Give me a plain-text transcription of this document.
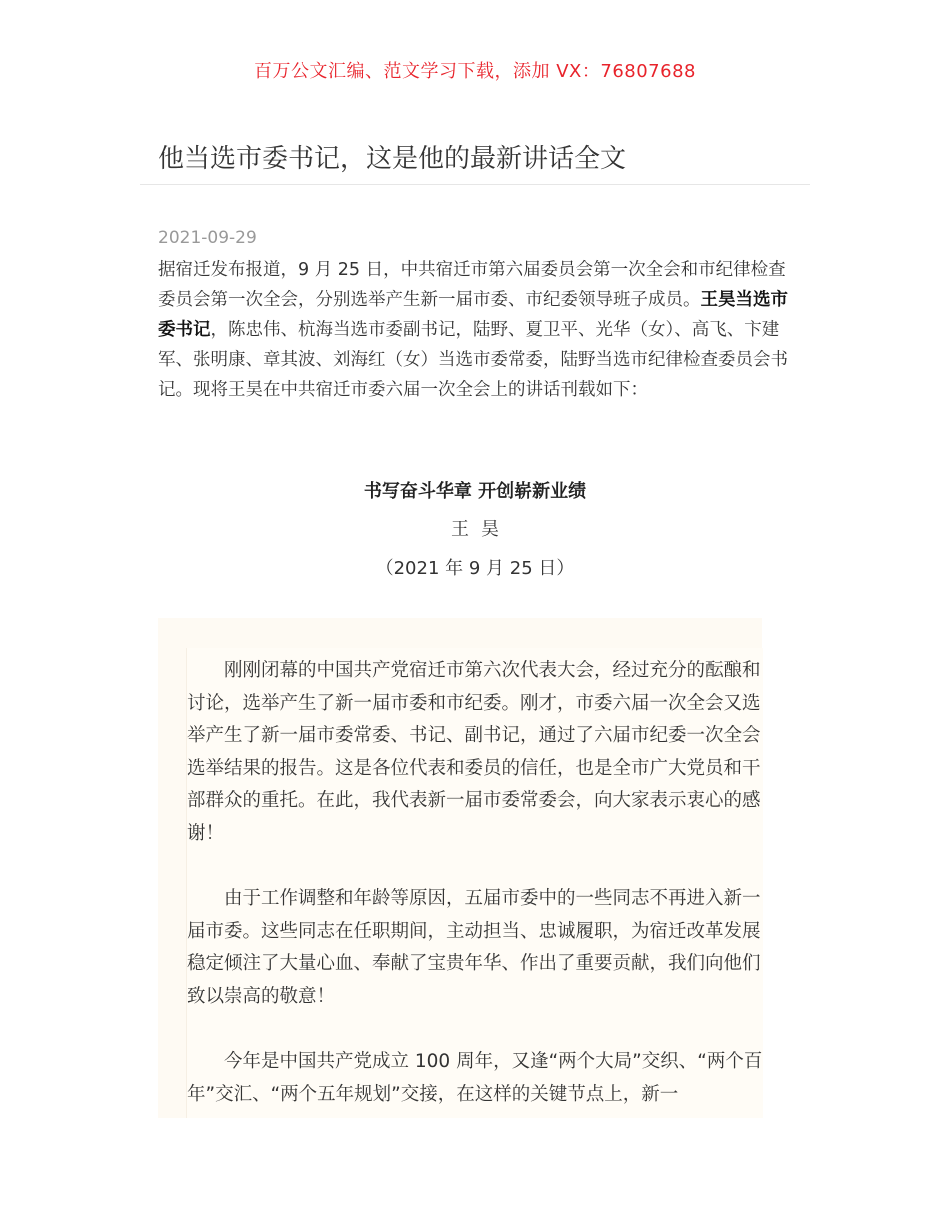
百万公文汇编、范文学习下载，添加 VX：76807688
他当选市委书记，这是他的最新讲话全文
2021-09-29

据宿迁发布报道，9 月 25 日，中共宿迁市第六届委员会第一次全会和市纪律检查委员会第一次全会，分别选举产生新一届市委、市纪委领导班子成员。王昊当选市委书记，陈忠伟、杭海当选市委副书记，陆野、夏卫平、光华（女）、高飞、卞建军、张明康、章其波、刘海红（女）当选市委常委，陆野当选市纪律检查委员会书记。现将王昊在中共宿迁市委六届一次全会上的讲话刊载如下：

书写奋斗华章 开创崭新业绩
王昊
（2021 年 9 月 25 日）

刚刚闭幕的中国共产党宿迁市第六次代表大会，经过充分的酝酿和讨论，选举产生了新一届市委和市纪委。刚才，市委六届一次全会又选举产生了新一届市委常委、书记、副书记，通过了六届市纪委一次全会选举结果的报告。这是各位代表和委员的信任，也是全市广大党员和干部群众的重托。在此，我代表新一届市委常委会，向大家表示衷心的感谢！

由于工作调整和年龄等原因，五届市委中的一些同志不再进入新一届市委。这些同志在任职期间，主动担当、忠诚履职，为宿迁改革发展稳定倾注了大量心血、奉献了宝贵年华、作出了重要贡献，我们向他们致以崇高的敬意！

今年是中国共产党成立 100 周年，又逢“两个大局”交织、“两个百年”交汇、“两个五年规划”交接，在这样的关键节点上，新一
